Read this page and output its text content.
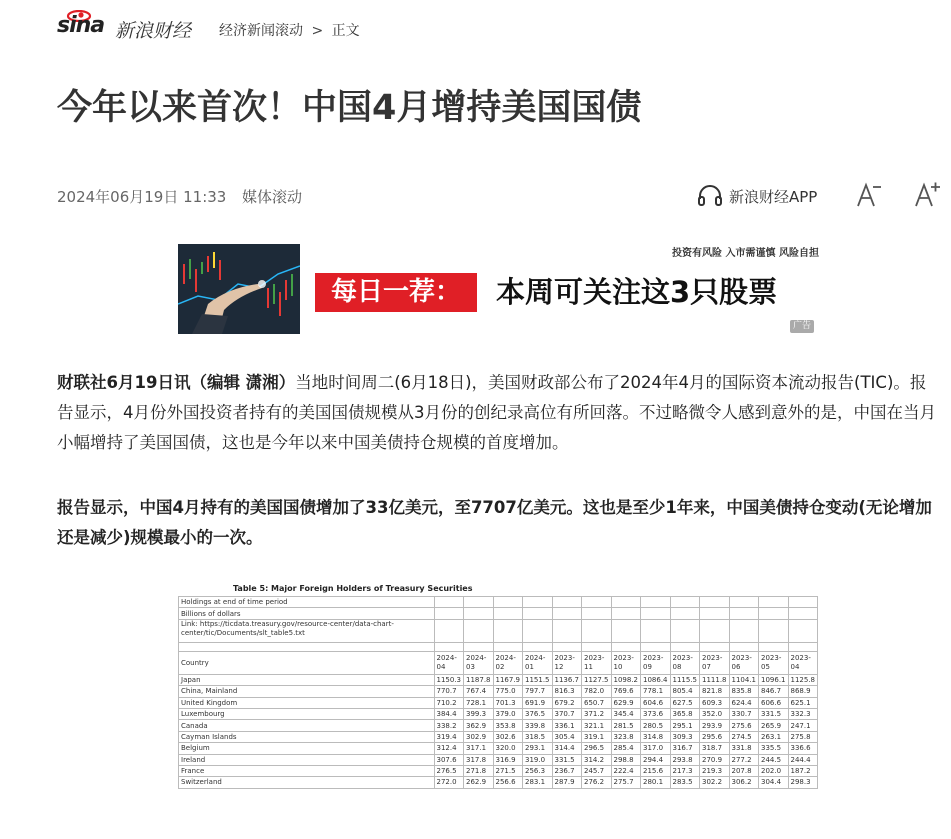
sina 新浪财经 经济新闻滚动 > 正文
今年以来首次！中国4月增持美国国债
2024年06月19日 11:33 媒体滚动	新浪财经APP
投资有风险 入市需谨慎 风险自担
每日一荐：	本周可关注这3只股票
广告

财联社6月19日讯（编辑 潇湘）当地时间周二(6月18日)，美国财政部公布了2024年4月的国际资本流动报告(TIC)。报告显示，4月份外国投资者持有的美国国债规模从3月份的创纪录高位有所回落。不过略微令人感到意外的是，中国在当月小幅增持了美国国债，这也是今年以来中国美债持仓规模的首度增加。

报告显示，中国4月持有的美国国债增加了33亿美元，至7707亿美元。这也是至少1年来，中国美债持仓变动(无论增加还是减少)规模最小的一次。

Table 5: Major Foreign Holders of Treasury Securities
Holdings at end of time period													
Billions of dollars													
Link: https://ticdata.treasury.gov/resource-center/data-chart-center/tic/Documents/slt_table5.txt													

Country	2024-04	2024-03	2024-02	2024-01	2023-12	2023-11	2023-10	2023-09	2023-08	2023-07	2023-06	2023-05	2023-04
Japan	1150.3	1187.8	1167.9	1151.5	1136.7	1127.5	1098.2	1086.4	1115.5	1111.8	1104.1	1096.1	1125.8
China, Mainland	770.7	767.4	775.0	797.7	816.3	782.0	769.6	778.1	805.4	821.8	835.8	846.7	868.9
United Kingdom	710.2	728.1	701.3	691.9	679.2	650.7	629.9	604.6	627.5	609.3	624.4	606.6	625.1
Luxembourg	384.4	399.3	379.0	376.5	370.7	371.2	345.4	373.6	365.8	352.0	330.7	331.5	332.3
Canada	338.2	362.9	353.8	339.8	336.1	321.1	281.5	280.5	295.1	293.9	275.6	265.9	247.1
Cayman Islands	319.4	302.9	302.6	318.5	305.4	319.1	323.8	314.8	309.3	295.6	274.5	263.1	275.8
Belgium	312.4	317.1	320.0	293.1	314.4	296.5	285.4	317.0	316.7	318.7	331.8	335.5	336.6
Ireland	307.6	317.8	316.9	319.0	331.5	314.2	298.8	294.4	293.8	270.9	277.2	244.5	244.4
France	276.5	271.8	271.5	256.3	236.7	245.7	222.4	215.6	217.3	219.3	207.8	202.0	187.2
Switzerland	272.0	262.9	256.6	283.1	287.9	276.2	275.7	280.1	283.5	302.2	306.2	304.4	298.3
